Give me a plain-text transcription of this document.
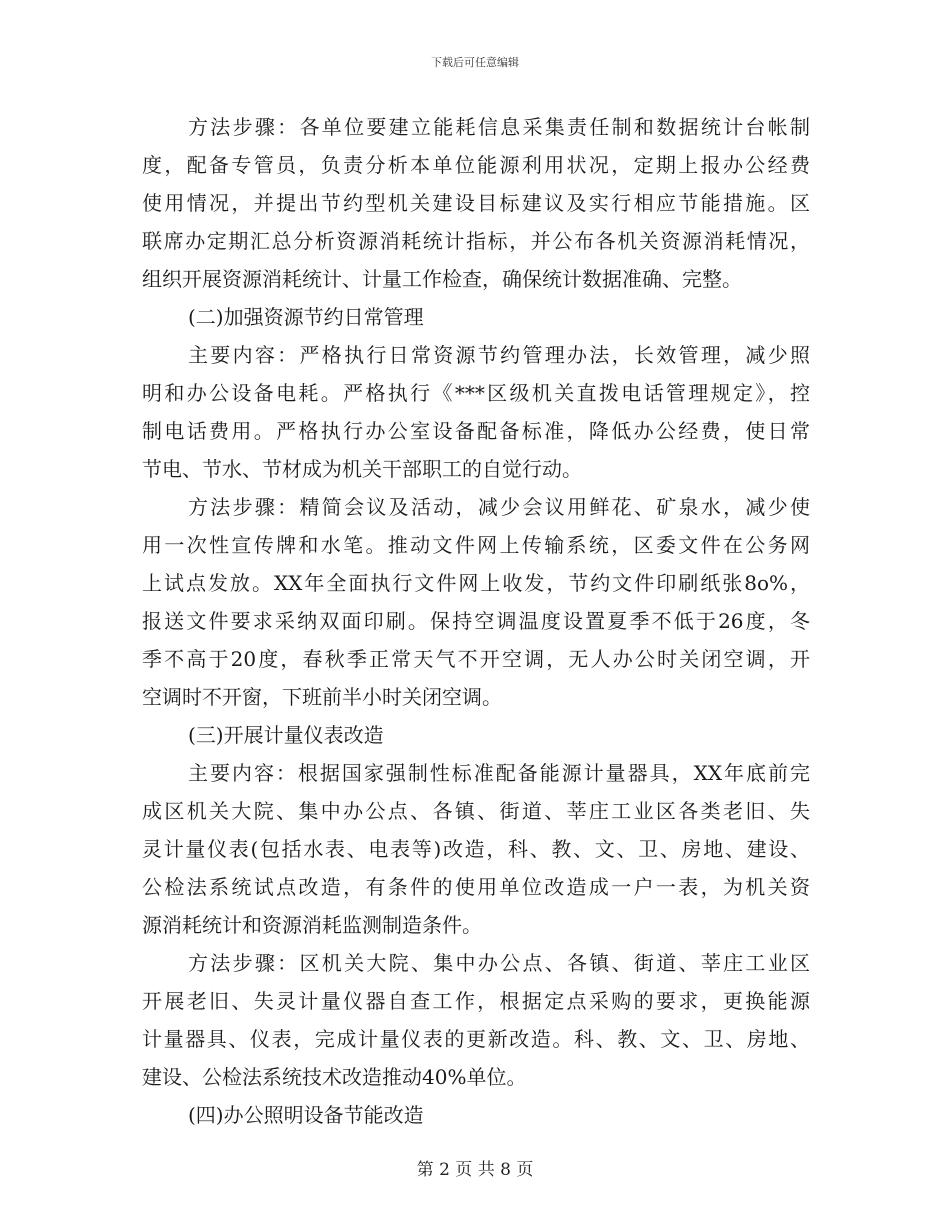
下载后可任意编辑
方法步骤：各单位要建立能耗信息采集责任制和数据统计台帐制
度，配备专管员，负责分析本单位能源利用状况，定期上报办公经费
使用情况，并提出节约型机关建设目标建议及实行相应节能措施。区
联席办定期汇总分析资源消耗统计指标，并公布各机关资源消耗情况，
组织开展资源消耗统计、计量工作检查，确保统计数据准确、完整。
(二)加强资源节约日常管理
主要内容：严格执行日常资源节约管理办法，长效管理，减少照
明和办公设备电耗。严格执行《***区级机关直拨电话管理规定》，控
制电话费用。严格执行办公室设备配备标准，降低办公经费，使日常
节电、节水、节材成为机关干部职工的自觉行动。
方法步骤：精简会议及活动，减少会议用鲜花、矿泉水，减少使
用一次性宣传牌和水笔。推动文件网上传输系统，区委文件在公务网
上试点发放。XX年全面执行文件网上收发，节约文件印刷纸张8o%，
报送文件要求采纳双面印刷。保持空调温度设置夏季不低于26度，冬
季不高于20度，春秋季正常天气不开空调，无人办公时关闭空调，开
空调时不开窗，下班前半小时关闭空调。
(三)开展计量仪表改造
主要内容：根据国家强制性标准配备能源计量器具，XX年底前完
成区机关大院、集中办公点、各镇、街道、莘庄工业区各类老旧、失
灵计量仪表(包括水表、电表等)改造，科、教、文、卫、房地、建设、
公检法系统试点改造，有条件的使用单位改造成一户一表，为机关资
源消耗统计和资源消耗监测制造条件。
方法步骤：区机关大院、集中办公点、各镇、街道、莘庄工业区
开展老旧、失灵计量仪器自查工作，根据定点采购的要求，更换能源
计量器具、仪表，完成计量仪表的更新改造。科、教、文、卫、房地、
建设、公检法系统技术改造推动40%单位。
(四)办公照明设备节能改造
第 2 页 共 8 页
